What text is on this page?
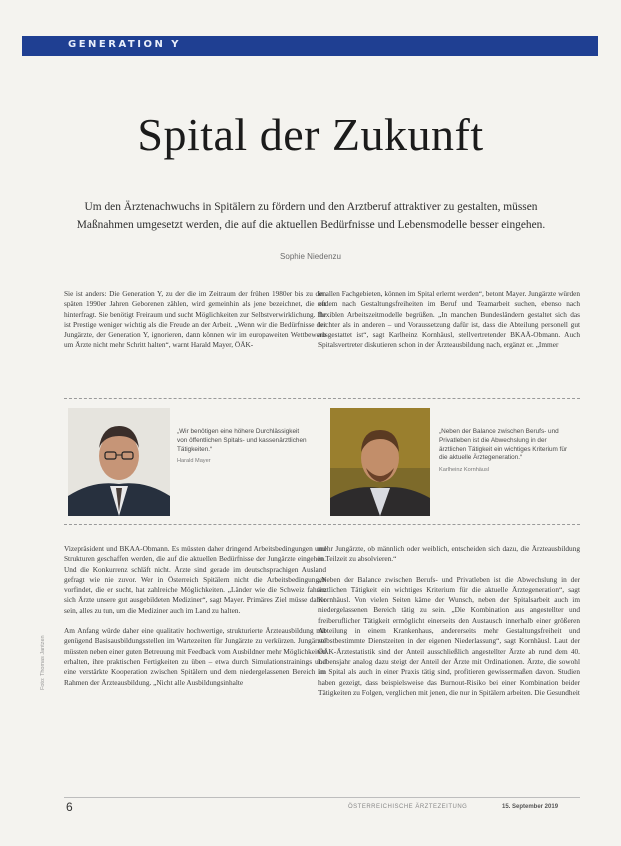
GENERATION Y
Spital der Zukunft

Um den Ärztenachwuchs in Spitälern zu fördern und den Arztberuf attraktiver zu gestalten, müssen Maßnahmen umgesetzt werden, die auf die aktuellen Bedürfnisse und Lebensmodelle besser eingehen.

Sophie Niedenzu

Sie ist anders: Die Generation Y, zu der die im Zeitraum der frühen 1980er bis zu den späten 1990er Jahren Geborenen zählen, wird gemeinhin als jene bezeichnet, die oft hinterfragt. Sie benötigt Freiraum und sucht Möglichkeiten zur Selbstverwirklichung. Ihr ist Prestige weniger wichtig als die Freude an der Arbeit. „Wenn wir die Bedürfnisse der Jungärzte, der Generation Y, ignorieren, dann können wir im europaweiten Wettbewerb um Ärzte nicht mehr Schritt halten“, warnt Harald Mayer, ÖÄK-

in allen Fachgebieten, können im Spital erlernt werden“, betont Mayer. Jungärzte würden zudem nach Gestaltungsfreiheiten im Beruf und Teamarbeit suchen, ebenso nach flexiblen Arbeitszeitmodelle begrüßen. „In manchen Bundesländern gestaltet sich das leichter als in anderen – und Voraussetzung dafür ist, dass die Abteilung personell gut ausgestattet ist“, sagt Karlheinz Kornhäusl, stellvertretender BKAÄ-Obmann. Auch Spitalsvertreter diskutieren schon in der Ärzteausbildung nach, ergänzt er. „Immer

„Wir benötigen eine höhere Durchlässigkeit von öffentlichen Spitals- und kassenärztlichen Tätigkeiten.“

Harald Mayer

„Neben der Balance zwischen Berufs- und Privatleben ist die Abwechslung in der ärztlichen Tätigkeit ein wichtiges Kriterium für die aktuelle Ärztegeneration.“

Karlheinz Kornhäusl

Vizepräsident und BKAA-Obmann. Es müssten daher dringend Arbeitsbedingungen und Strukturen geschaffen werden, die auf die aktuellen Bedürfnisse der Jungärzte eingehen. Und die Konkurrenz schläft nicht. Ärzte sind gerade im deutschsprachigen Ausland gefragt wie nie zuvor. Wer in Österreich Spitälern nicht die Arbeitsbedingungen vorfindet, die er sucht, hat zahlreiche Möglichkeiten. „Länder wie die Schweiz fahren sich Ärzte unsere gut ausgebildeten Mediziner“, sagt Mayer. Primäres Ziel müsse daher sein, alles zu tun, um die Mediziner auch im Land zu halten.

Am Anfang würde daher eine qualitativ hochwertige, strukturierte Ärzteausbildung mit genügend Basisausbildungsstellen im Wartezeiten für Jungärzte zu verkürzen. Jungärzte müssten neben einer guten Betreuung mit Feedback vom Ausbildner mehr Möglichkeiten erhalten, ihre praktischen Fertigkeiten zu üben – etwa durch Simulationstrainings und eine verstärkte Kooperation zwischen Spitälern und dem niedergelassenen Bereich im Rahmen der Ärzteausbildung. „Nicht alle Ausbildungsinhalte

mehr Jungärzte, ob männlich oder weiblich, entscheiden sich dazu, die Ärzteausbildung in Teilzeit zu absolvieren.“

„Neben der Balance zwischen Berufs- und Privatleben ist die Abwechslung in der ärztlichen Tätigkeit ein wichtiges Kriterium für die aktuelle Ärztegeneration“, sagt Kornhäusl. Von vielen Seiten käme der Wunsch, neben der Spitalsarbeit auch im niedergelassenen Bereich tätig zu sein. „Die Kombination aus angestellter und freiberuflicher Tätigkeit ermöglicht einerseits den Austausch innerhalb einer größeren Abteilung in einem Krankenhaus, andererseits mehr Gestaltungsfreiheit und selbstbestimmte Dienstzeiten in der eigenen Niederlassung“, sagt Kornhäusl. Laut der ÖÄK-Ärztestatistik sind der Anteil ausschließlich angestellter Ärzte ab rund dem 40. Lebensjahr analog dazu steigt der Anteil der Ärzte mit Ordinationen. Ärzte, die sowohl im Spital als auch in einer Praxis tätig sind, profitieren gewissermaßen davon. Studien haben gezeigt, dass beispielsweise das Burnout-Risiko bei einer Kombination beider Tätigkeiten zu Folgen, verglichen mit jenen, die nur in Spitälern arbeiten. Die Gesundheit

Foto: Thomas Jantzen
6	ÖSTERREICHISCHE ÄRZTEZEITUNG	15. September 2019
